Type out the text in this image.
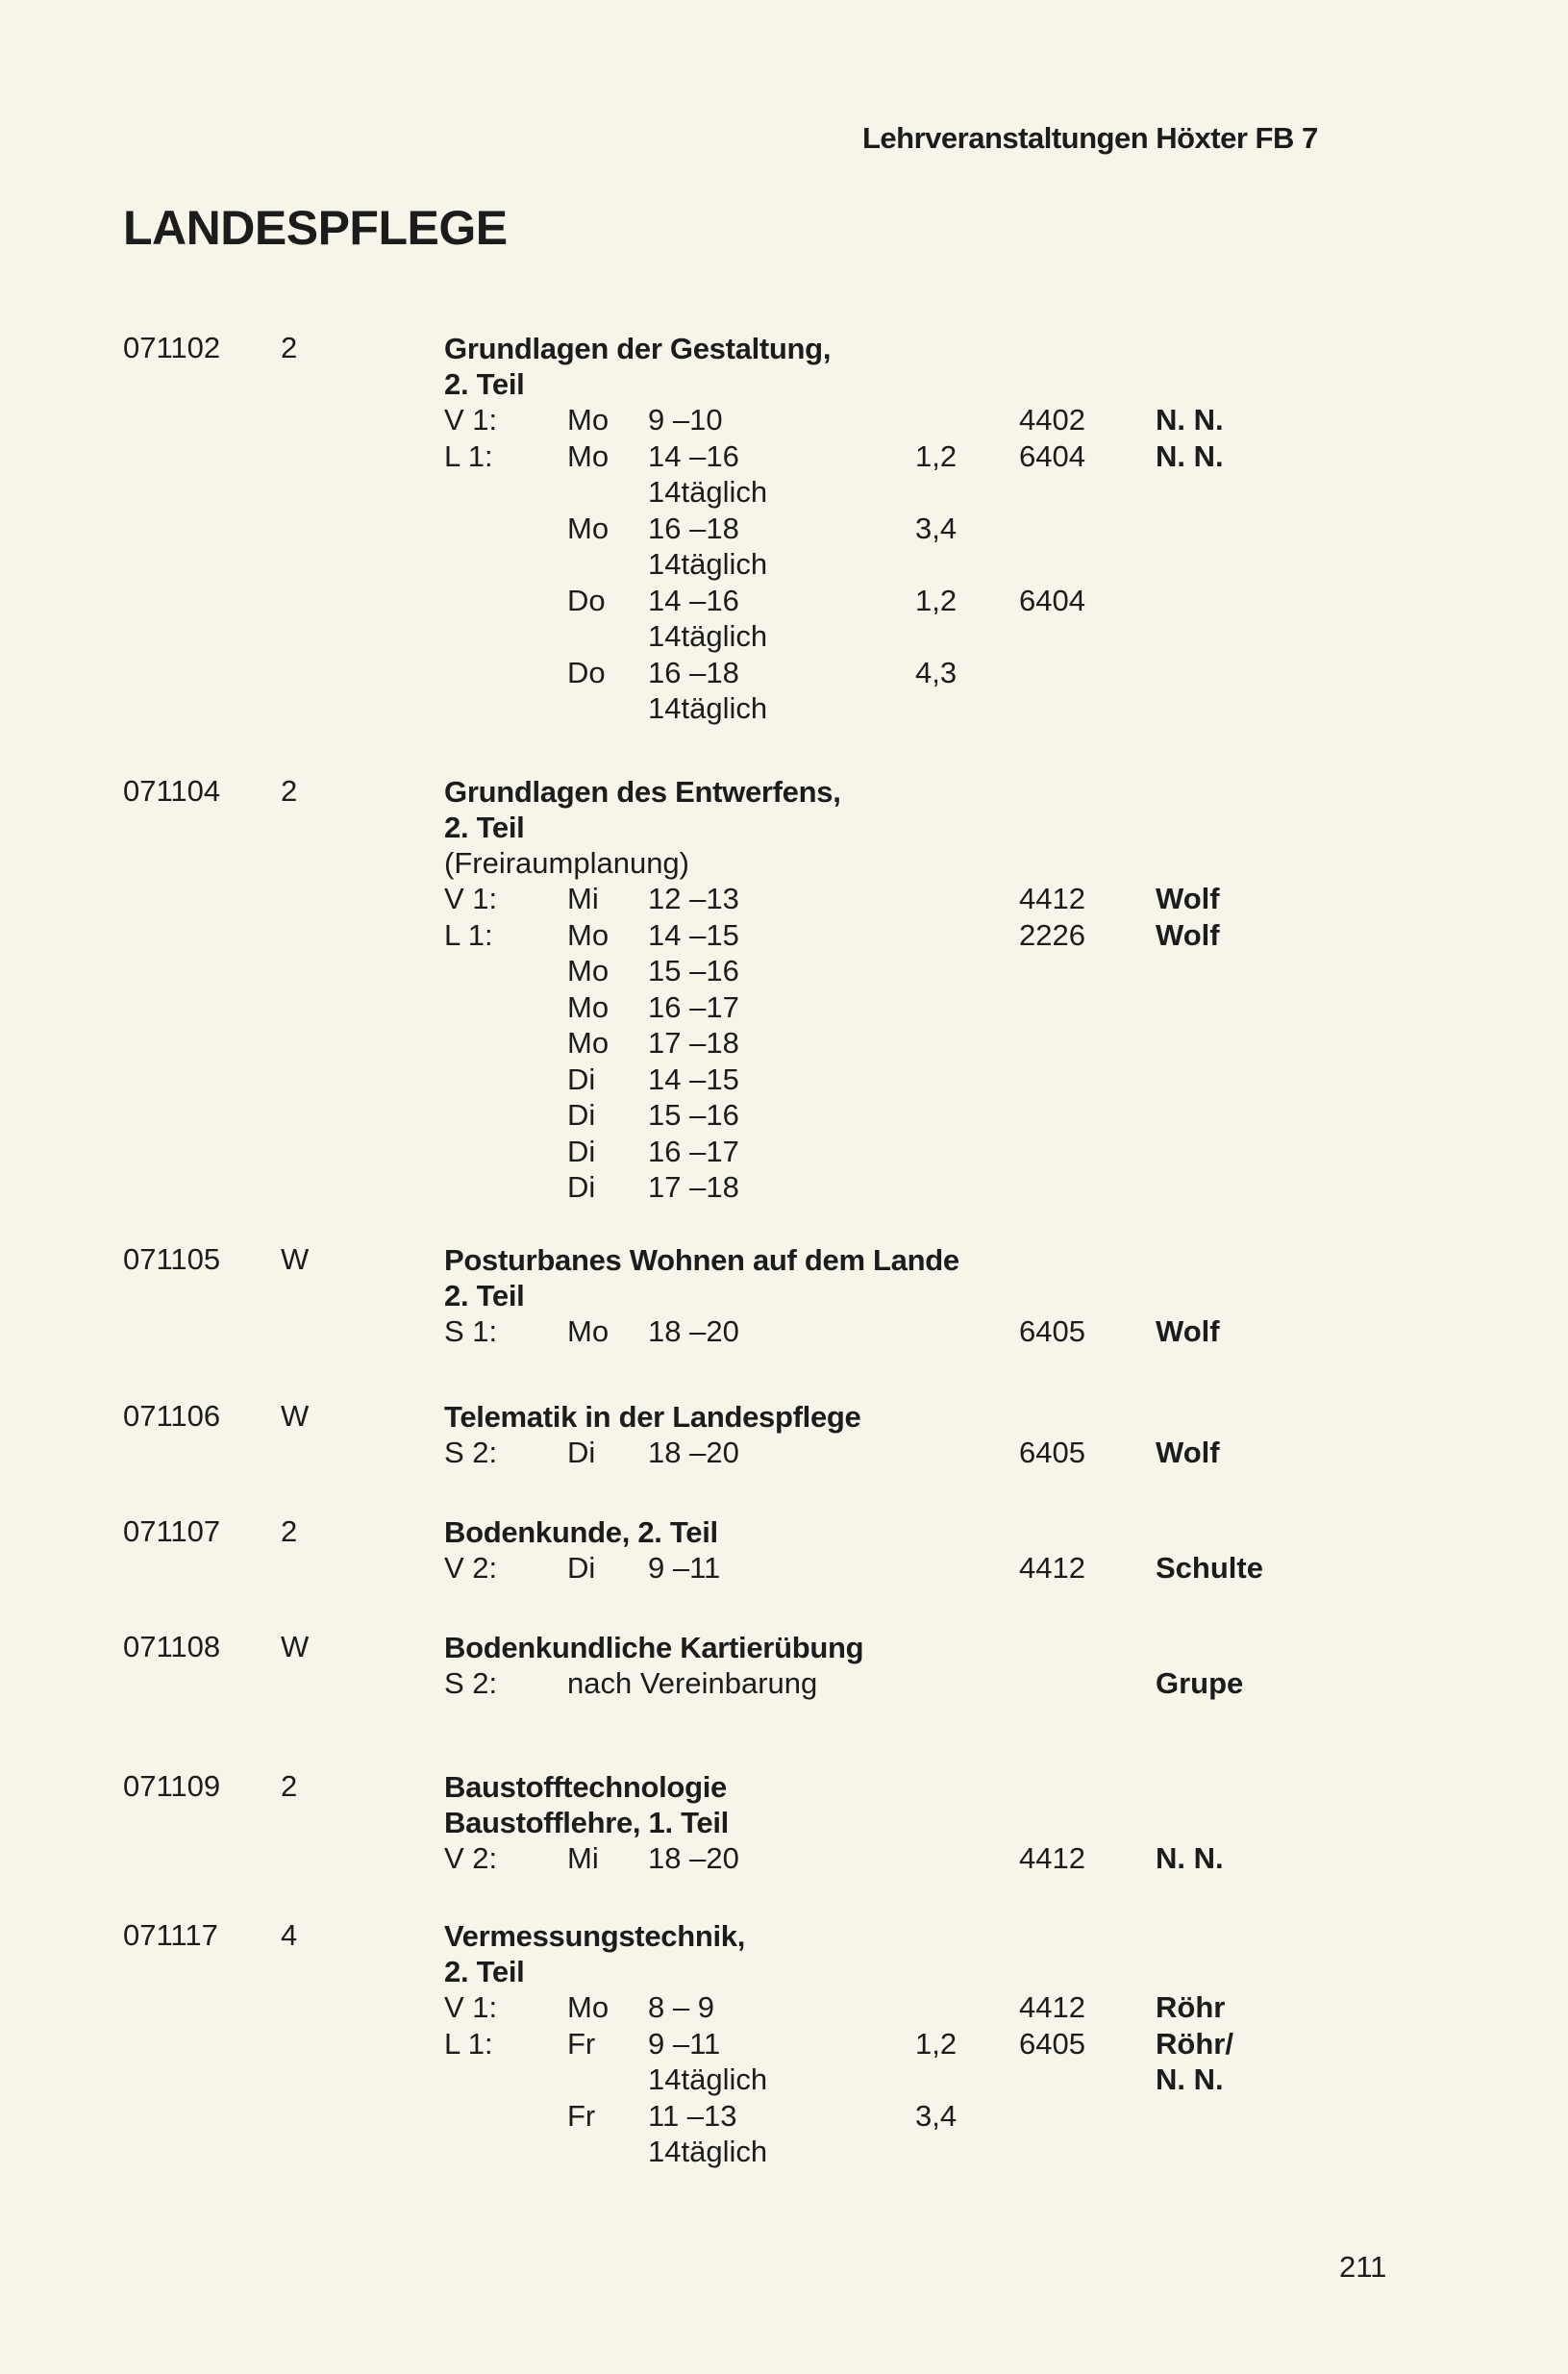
Lehrveranstaltungen Höxter FB 7
LANDESPFLEGE
071102 2	Grundlagen der Gestaltung,
2. Teil
V 1: Mo 9 –10	4402 N. N.
L 1: Mo 14 –16	1,2 6404 N. N.
14täglich
Mo 16 –18	3,4
14täglich
Do 14 –16	1,2 6404
14täglich
Do 16 –18	4,3
14täglich
071104 2	Grundlagen des Entwerfens,
2. Teil
(Freiraumplanung)
V 1: Mi 12 –13	4412 Wolf
L 1: Mo 14 –15	2226 Wolf
Mo 15 –16
Mo 16 –17
Mo 17 –18
Di 14 –15
Di 15 –16
Di 16 –17
Di 17 –18
071105 W	Posturbanes Wohnen auf dem Lande
2. Teil
S 1: Mo 18 –20	6405 Wolf
071106 W	Telematik in der Landespflege
S 2: Di 18 –20	6405 Wolf
071107 2	Bodenkunde, 2. Teil
V 2: Di 9 –11	4412 Schulte
071108 W	Bodenkundliche Kartierübung
S 2: nach Vereinbarung	Grupe
071109 2	Baustofftechnologie
Baustofflehre, 1. Teil
V 2: Mi 18 –20	4412 N. N.
071117 4	Vermessungstechnik,
2. Teil
V 1: Mo 8 – 9	4412 Röhr
L 1: Fr 9 –11	1,2 6405 Röhr/
14täglich	N. N.
Fr 11 –13	3,4
14täglich
211
